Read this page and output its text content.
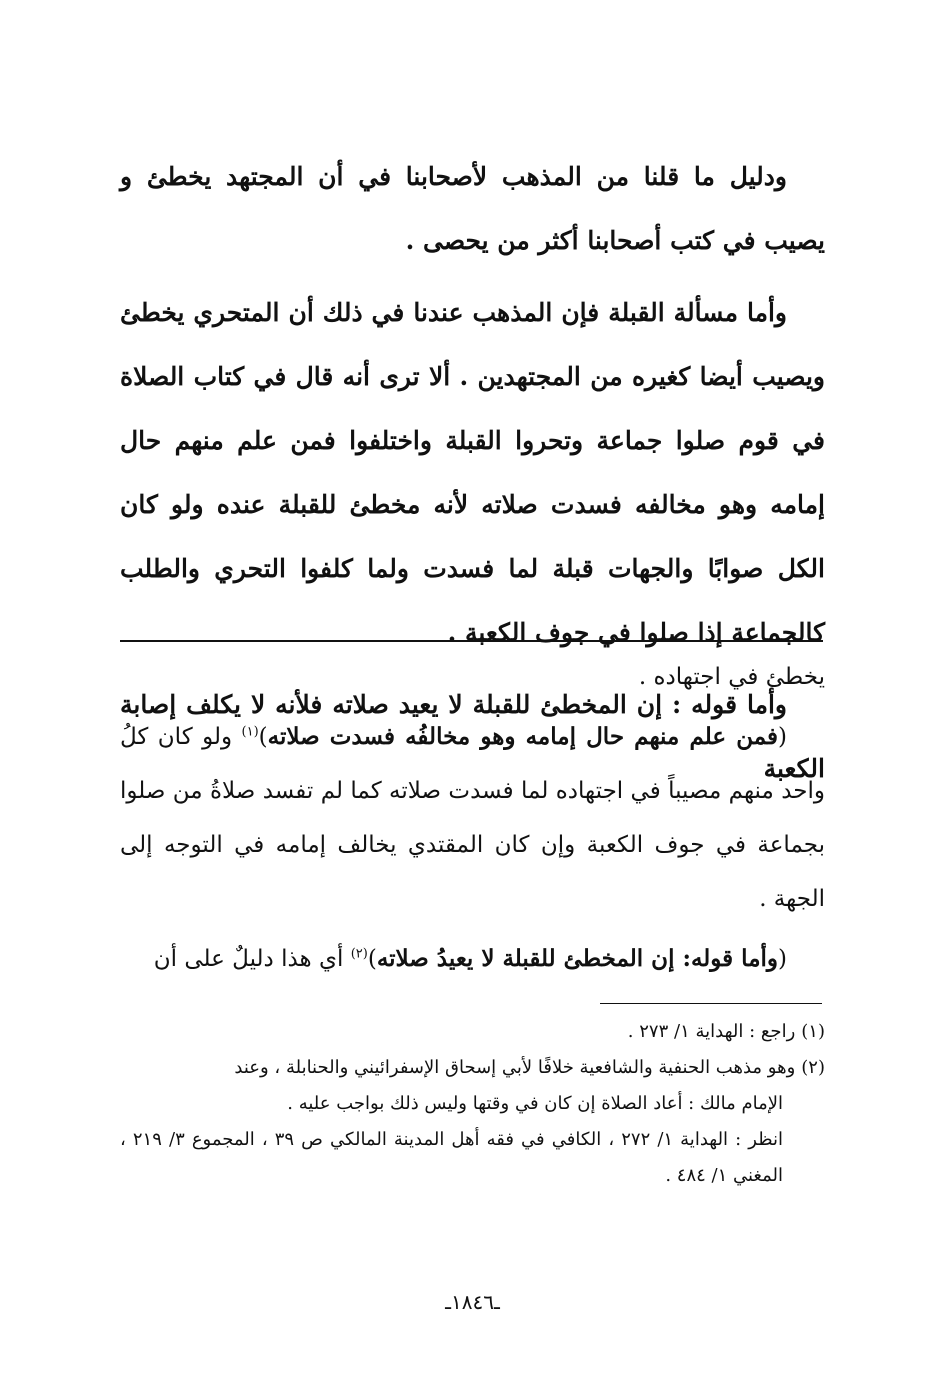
ودليل ما قلنا من المذهب لأصحابنا في أن المجتهد يخطئ و يصيب في كتب أصحابنا أكثر من يحصى .

وأما مسألة القبلة فإن المذهب عندنا في ذلك أن المتحري يخطئ ويصيب أيضا كغيره من المجتهدين . ألا ترى أنه قال في كتاب الصلاة في قوم صلوا جماعة وتحروا القبلة واختلفوا فمن علم منهم حال إمامه وهو مخالفه فسدت صلاته لأنه مخطئ للقبلة عنده ولو كان الكل صوابًا والجهات قبلة لما فسدت ولما كلفوا التحري والطلب كالجماعة إذا صلوا في جوف الكعبة .

وأما قوله : إن المخطئ للقبلة لا يعيد صلاته فلأنه لا يكلف إصابة الكعبة

يخطئ في اجتهاده .

(فمن علم منهم حال إمامه وهو مخالفُه فسدت صلاته)$^{(١)}$ ولو كان كلُ واحد منهم مصيباً في اجتهاده لما فسدت صلاته كما لم تفسد صلاةُ من صلوا بجماعة في جوف الكعبة وإن كان المقتدي يخالف إمامه في التوجه إلى الجهة .

(وأما قوله: إن المخطئ للقبلة لا يعيدُ صلاته)$^{(٢)}$ أي هذا دليلٌ على أن

(١)راجع : الهداية ١/ ٢٧٣ .

(٢)وهو مذهب الحنفية والشافعية خلافًا لأبي إسحاق الإسفرائيني والحنابلة ، وعند

الإمام مالك : أعاد الصلاة إن كان في وقتها وليس ذلك بواجب عليه .

انظر : الهداية ١/ ٢٧٢ ، الكافي في فقه أهل المدينة المالكي ص ٣٩ ، المجموع ٣/ ٢١٩ ، المغني ١/ ٤٨٤ .

ـ١٨٤٦ـ
